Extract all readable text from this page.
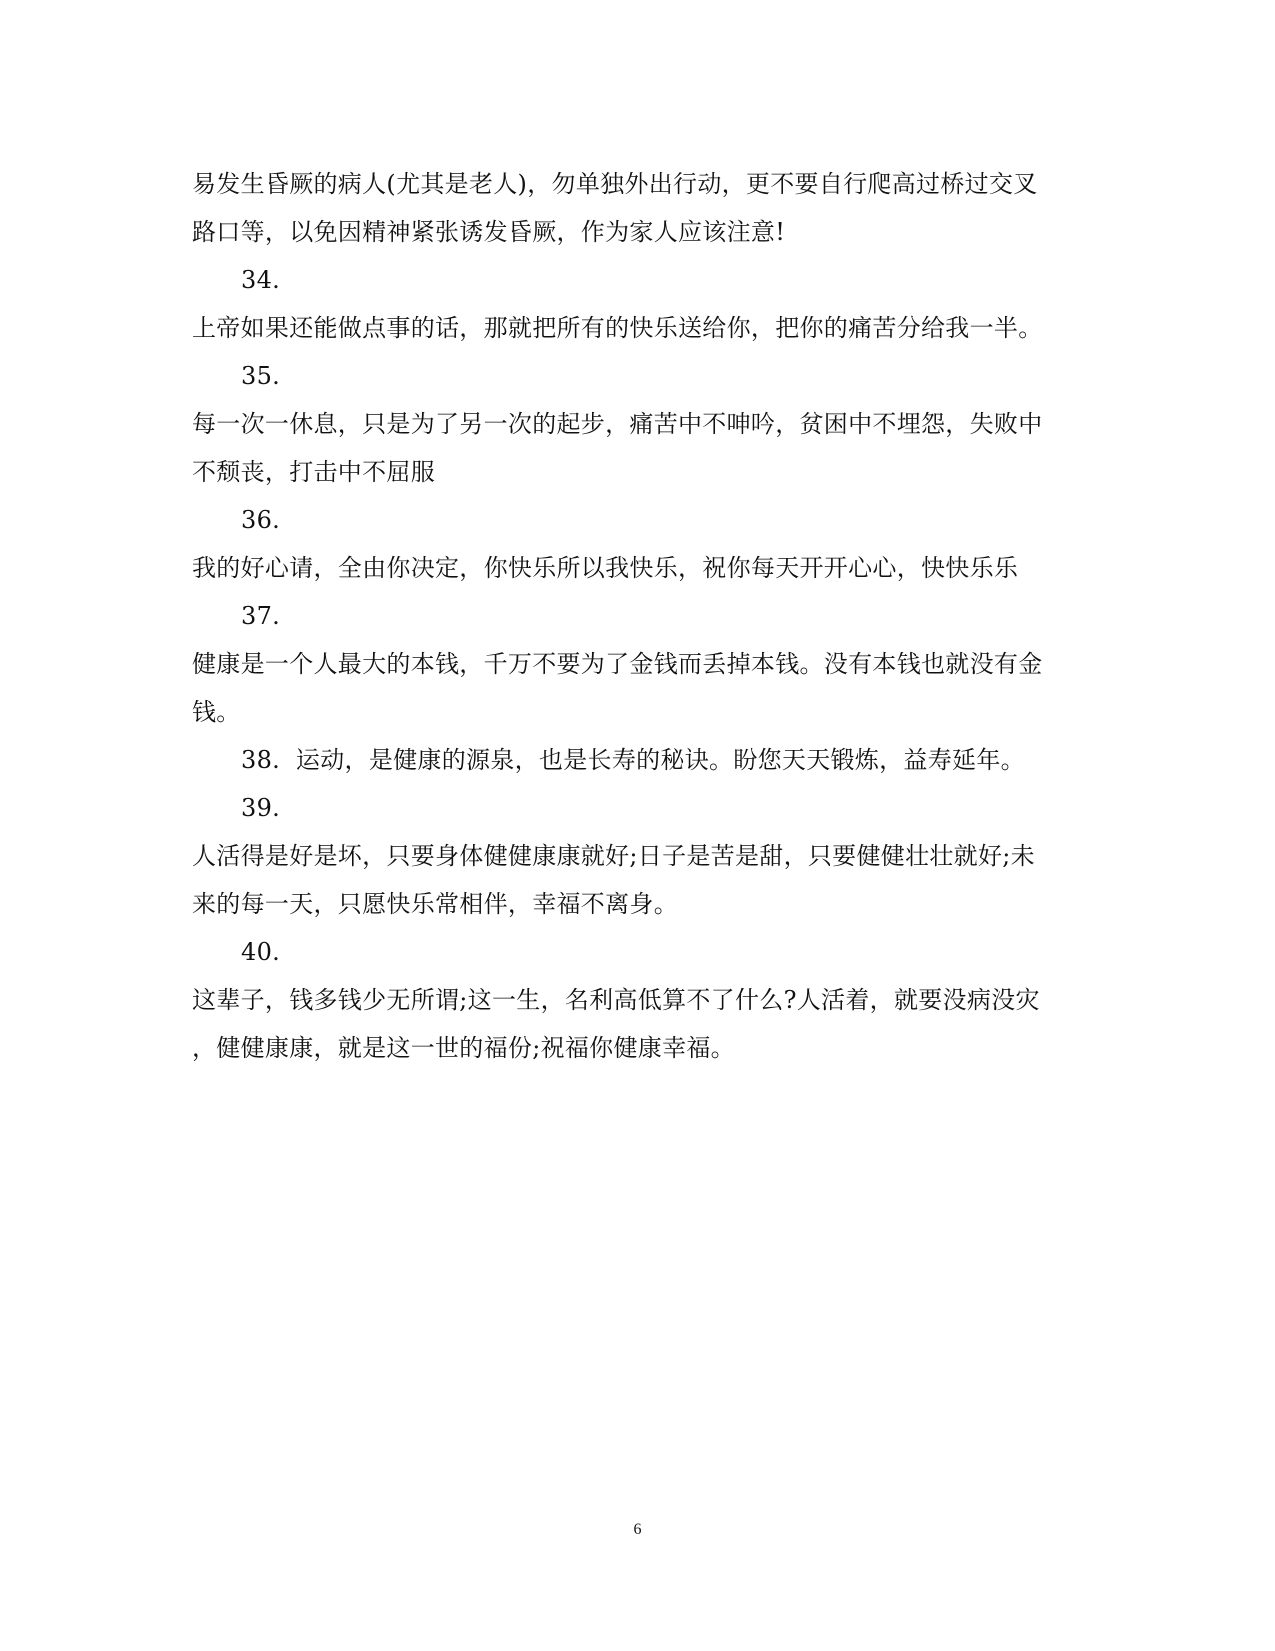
易发生昏厥的病人(尤其是老人)，勿单独外出行动，更不要自行爬高过桥过交叉
路口等，以免因精神紧张诱发昏厥，作为家人应该注意!
34.
上帝如果还能做点事的话，那就把所有的快乐送给你，把你的痛苦分给我一半。
35.
每一次一休息，只是为了另一次的起步，痛苦中不呻吟，贫困中不埋怨，失败中
不颓丧，打击中不屈服
36.
我的好心请，全由你决定，你快乐所以我快乐，祝你每天开开心心，快快乐乐
37.
健康是一个人最大的本钱，千万不要为了金钱而丢掉本钱。没有本钱也就没有金
钱。
38.  运动，是健康的源泉，也是长寿的秘诀。盼您天天锻炼，益寿延年。
39.
人活得是好是坏，只要身体健健康康就好;日子是苦是甜，只要健健壮壮就好;未
来的每一天，只愿快乐常相伴，幸福不离身。
40.
这辈子，钱多钱少无所谓;这一生，名利高低算不了什么?人活着，就要没病没灾
，健健康康，就是这一世的福份;祝福你健康幸福。
6
